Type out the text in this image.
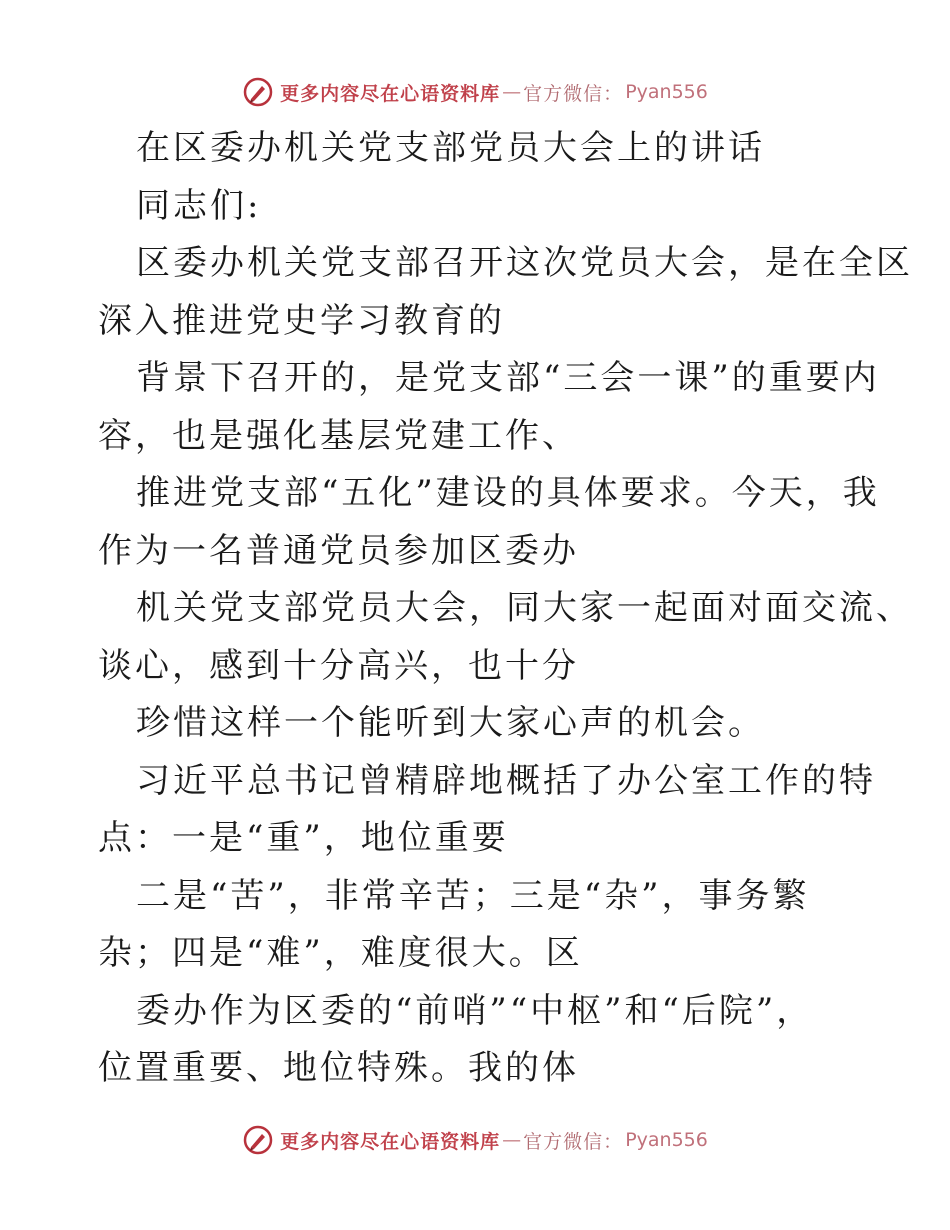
更多内容尽在心语资料库 — 官方微信： Pyan556
在区委办机关党支部党员大会上的讲话
同志们:
区委办机关党支部召开这次党员大会，是在全区
深入推进党史学习教育的
背景下召开的，是党支部“三会一课”的重要内
容，也是强化基层党建工作、
推进党支部“五化”建设的具体要求。今天，我
作为一名普通党员参加区委办
机关党支部党员大会，同大家一起面对面交流、
谈心，感到十分高兴，也十分
珍惜这样一个能听到大家心声的机会。
习近平总书记曾精辟地概括了办公室工作的特
点：一是“重”，地位重要
二是“苦”，非常辛苦；三是“杂”，事务繁
杂；四是“难”，难度很大。区
委办作为区委的“前哨”“中枢”和“后院”，
位置重要、地位特殊。我的体
更多内容尽在心语资料库 — 官方微信： Pyan556
